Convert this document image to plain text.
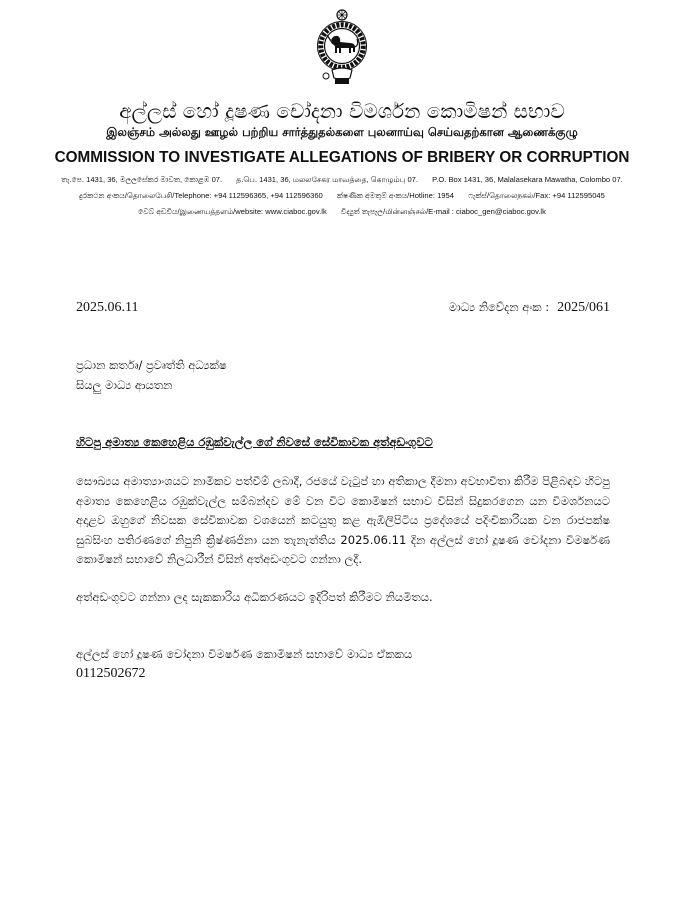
අල්ලස් හෝ දූෂණ චෝදනා විමර්ශන කොමිෂන් සභාව
இலஞ்சம் அல்லது ஊழல் பற்றிய சார்த்துதல்களை புலனாய்வு செய்வதற்கான ஆணைக்குழு
COMMISSION TO INVESTIGATE ALLEGATIONS OF BRIBERY OR CORRUPTION
තැ.පෙ. 1431, 36, මලලසේකර මාවත, කොළඹ 07. த.பெ. 1431, 36, மலலசேகர மாவத்தை, கொழும்பு 07. P.O. Box 1431, 36, Malalasekara Mawatha, Colombo 07.
දුරකථන අංකය/தொலைபேசி/Telephone: +94 112596365, +94 112596360 ක්ෂණික අමතුම් අංකය/Hotline: 1954 ෆැක්ස්/தொலைநகல்/Fax: +94 112595045
වෙබ් අඩවිය/இணையத்தளம்/website: www.ciaboc.gov.lk විද්‍යුත් තැපෑල/மின்னஞ்சல்/E-mail : ciaboc_gen@ciaboc.gov.lk
2025.06.11	මාධ්‍ය නිවේදන අංක : 2025/061
ප්‍රධාන කර්තෘ/ ප්‍රවෘත්ති අධ්‍යක්ෂ
සියලු මාධ්‍ය ආයතන
හිටපු අමාත්‍ය කෙහෙළිය රඹුක්වැල්ල ගේ නිවසේ සේවිකාවක අත්අඩංගුවට

සෞඛ්‍යය අමාත්‍යාංශයට නාමිකව පත්වීම් ලබාදී, රජයේ වැටුප් හා අතිකාල දීමනා අවභාවිතා කිරීම පිළිබඳව හිටපු අමාත්‍ය කෙහෙළිය රඹුක්වැල්ල සම්බන්දව මේ වන විට කොමිෂන් සභාව විසින් සිදුකරගෙන යන විමර්ශනයට අදාළව ඔහුගේ නිවසක සේවිකාවක වශයෙන් කටයුතු කළ ඇඹිලිපිටිය ප්‍රදේශයේ පදිංචිකාරියක වන රාජපක්ෂ සුබසිංහ පතිරණගේ නිපුනි ක්‍රිෂ්ණජිනා යන තැනැත්තිය 2025.06.11 දින අල්ලස් හෝ දූෂණ චෝදනා විමර්ෂණ කොමිෂන් සභාවේ නිලධාරීන් විසින් අත්අඩංගුවට ගන්නා ලදී.

අත්අඩංගුවට ගන්නා ලද සැකකාරිය අධිකරණයට ඉදිරිපත් කිරීමට නියමිතය.

අල්ලස් හෝ දූෂණ චෝදනා විමර්ෂණ කොමිෂන් සභාවේ මාධ්‍ය ඒකකය
0112502672
